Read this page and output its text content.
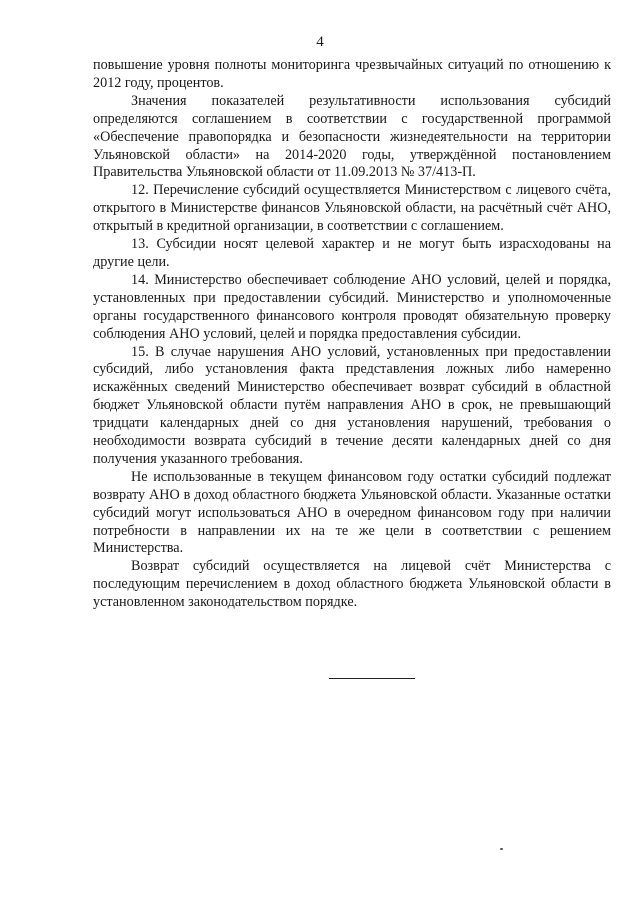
4

повышение уровня полноты мониторинга чрезвычайных ситуаций по отношению к 2012 году, процентов.

Значения показателей результативности использования субсидий определяются соглашением в соответствии с государственной программой «Обеспечение правопорядка и безопасности жизнедеятельности на территории Ульяновской области» на 2014-2020 годы, утверждённой постановлением Правительства Ульяновской области от 11.09.2013 № 37/413-П.

12. Перечисление субсидий осуществляется Министерством с лицевого счёта, открытого в Министерстве финансов Ульяновской области, на расчётный счёт АНО, открытый в кредитной организации, в соответствии с соглашением.

13. Субсидии носят целевой характер и не могут быть израсходованы на другие цели.

14. Министерство обеспечивает соблюдение АНО условий, целей и порядка, установленных при предоставлении субсидий. Министерство и уполномоченные органы государственного финансового контроля проводят обязательную проверку соблюдения АНО условий, целей и порядка предоставления субсидии.

15. В случае нарушения АНО условий, установленных при предоставлении субсидий, либо установления факта представления ложных либо намеренно искажённых сведений Министерство обеспечивает возврат субсидий в областной бюджет Ульяновской области путём направления АНО в срок, не превышающий тридцати календарных дней со дня установления нарушений, требования о необходимости возврата субсидий в течение десяти календарных дней со дня получения указанного требования.

Не использованные в текущем финансовом году остатки субсидий подлежат возврату АНО в доход областного бюджета Ульяновской области. Указанные остатки субсидий могут использоваться АНО в очередном финансовом году при наличии потребности в направлении их на те же цели в соответствии с решением Министерства.

Возврат субсидий осуществляется на лицевой счёт Министерства с последующим перечислением в доход областного бюджета Ульяновской области в установленном законодательством порядке.
